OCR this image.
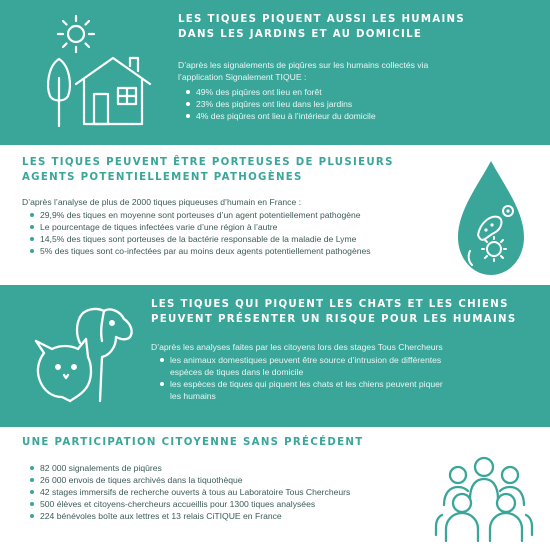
LES TIQUES PIQUENT AUSSI LES HUMAINS
DANS LES JARDINS ET AU DOMICILE
D’après les signalements de piqûres sur les humains collectés via
l’application Signalement TIQUE :
49% des piqûres ont lieu en forêt
23% des piqûres ont lieu dans les jardins
4% des piqûres ont lieu à l’intérieur du domicile
LES TIQUES PEUVENT ÊTRE PORTEUSES DE PLUSIEURS
AGENTS POTENTIELLEMENT PATHOGÈNES
D’après l’analyse de plus de 2000 tiques piqueuses d’humain en France :
29,9% des tiques en moyenne sont porteuses d’un agent potentiellement pathogène
Le pourcentage de tiques infectées varie d’une région à l’autre
14,5% des tiques sont porteuses de la bactérie responsable de la maladie de Lyme
5% des tiques sont co-infectées par au moins deux agents potentiellement pathogènes
LES TIQUES QUI PIQUENT LES CHATS ET LES CHIENS
PEUVENT PRÉSENTER UN RISQUE POUR LES HUMAINS
D’après les analyses faites par les citoyens lors des stages Tous Chercheurs
les animaux domestiques peuvent être source d’intrusion de différentes
espèces de tiques dans le domicile
les espèces de tiques qui piquent les chats et les chiens peuvent piquer
les humains
UNE PARTICIPATION CITOYENNE SANS PRÉCÉDENT
82 000 signalements de piqûres
26 000 envois de tiques archivés dans la tiquothèque
42 stages immersifs de recherche ouverts à tous au Laboratoire Tous Chercheurs
500 élèves et citoyens-chercheurs accueillis pour 1300 tiques analysées
224 bénévoles boîte aux lettres et 13 relais CiTIQUE en France
